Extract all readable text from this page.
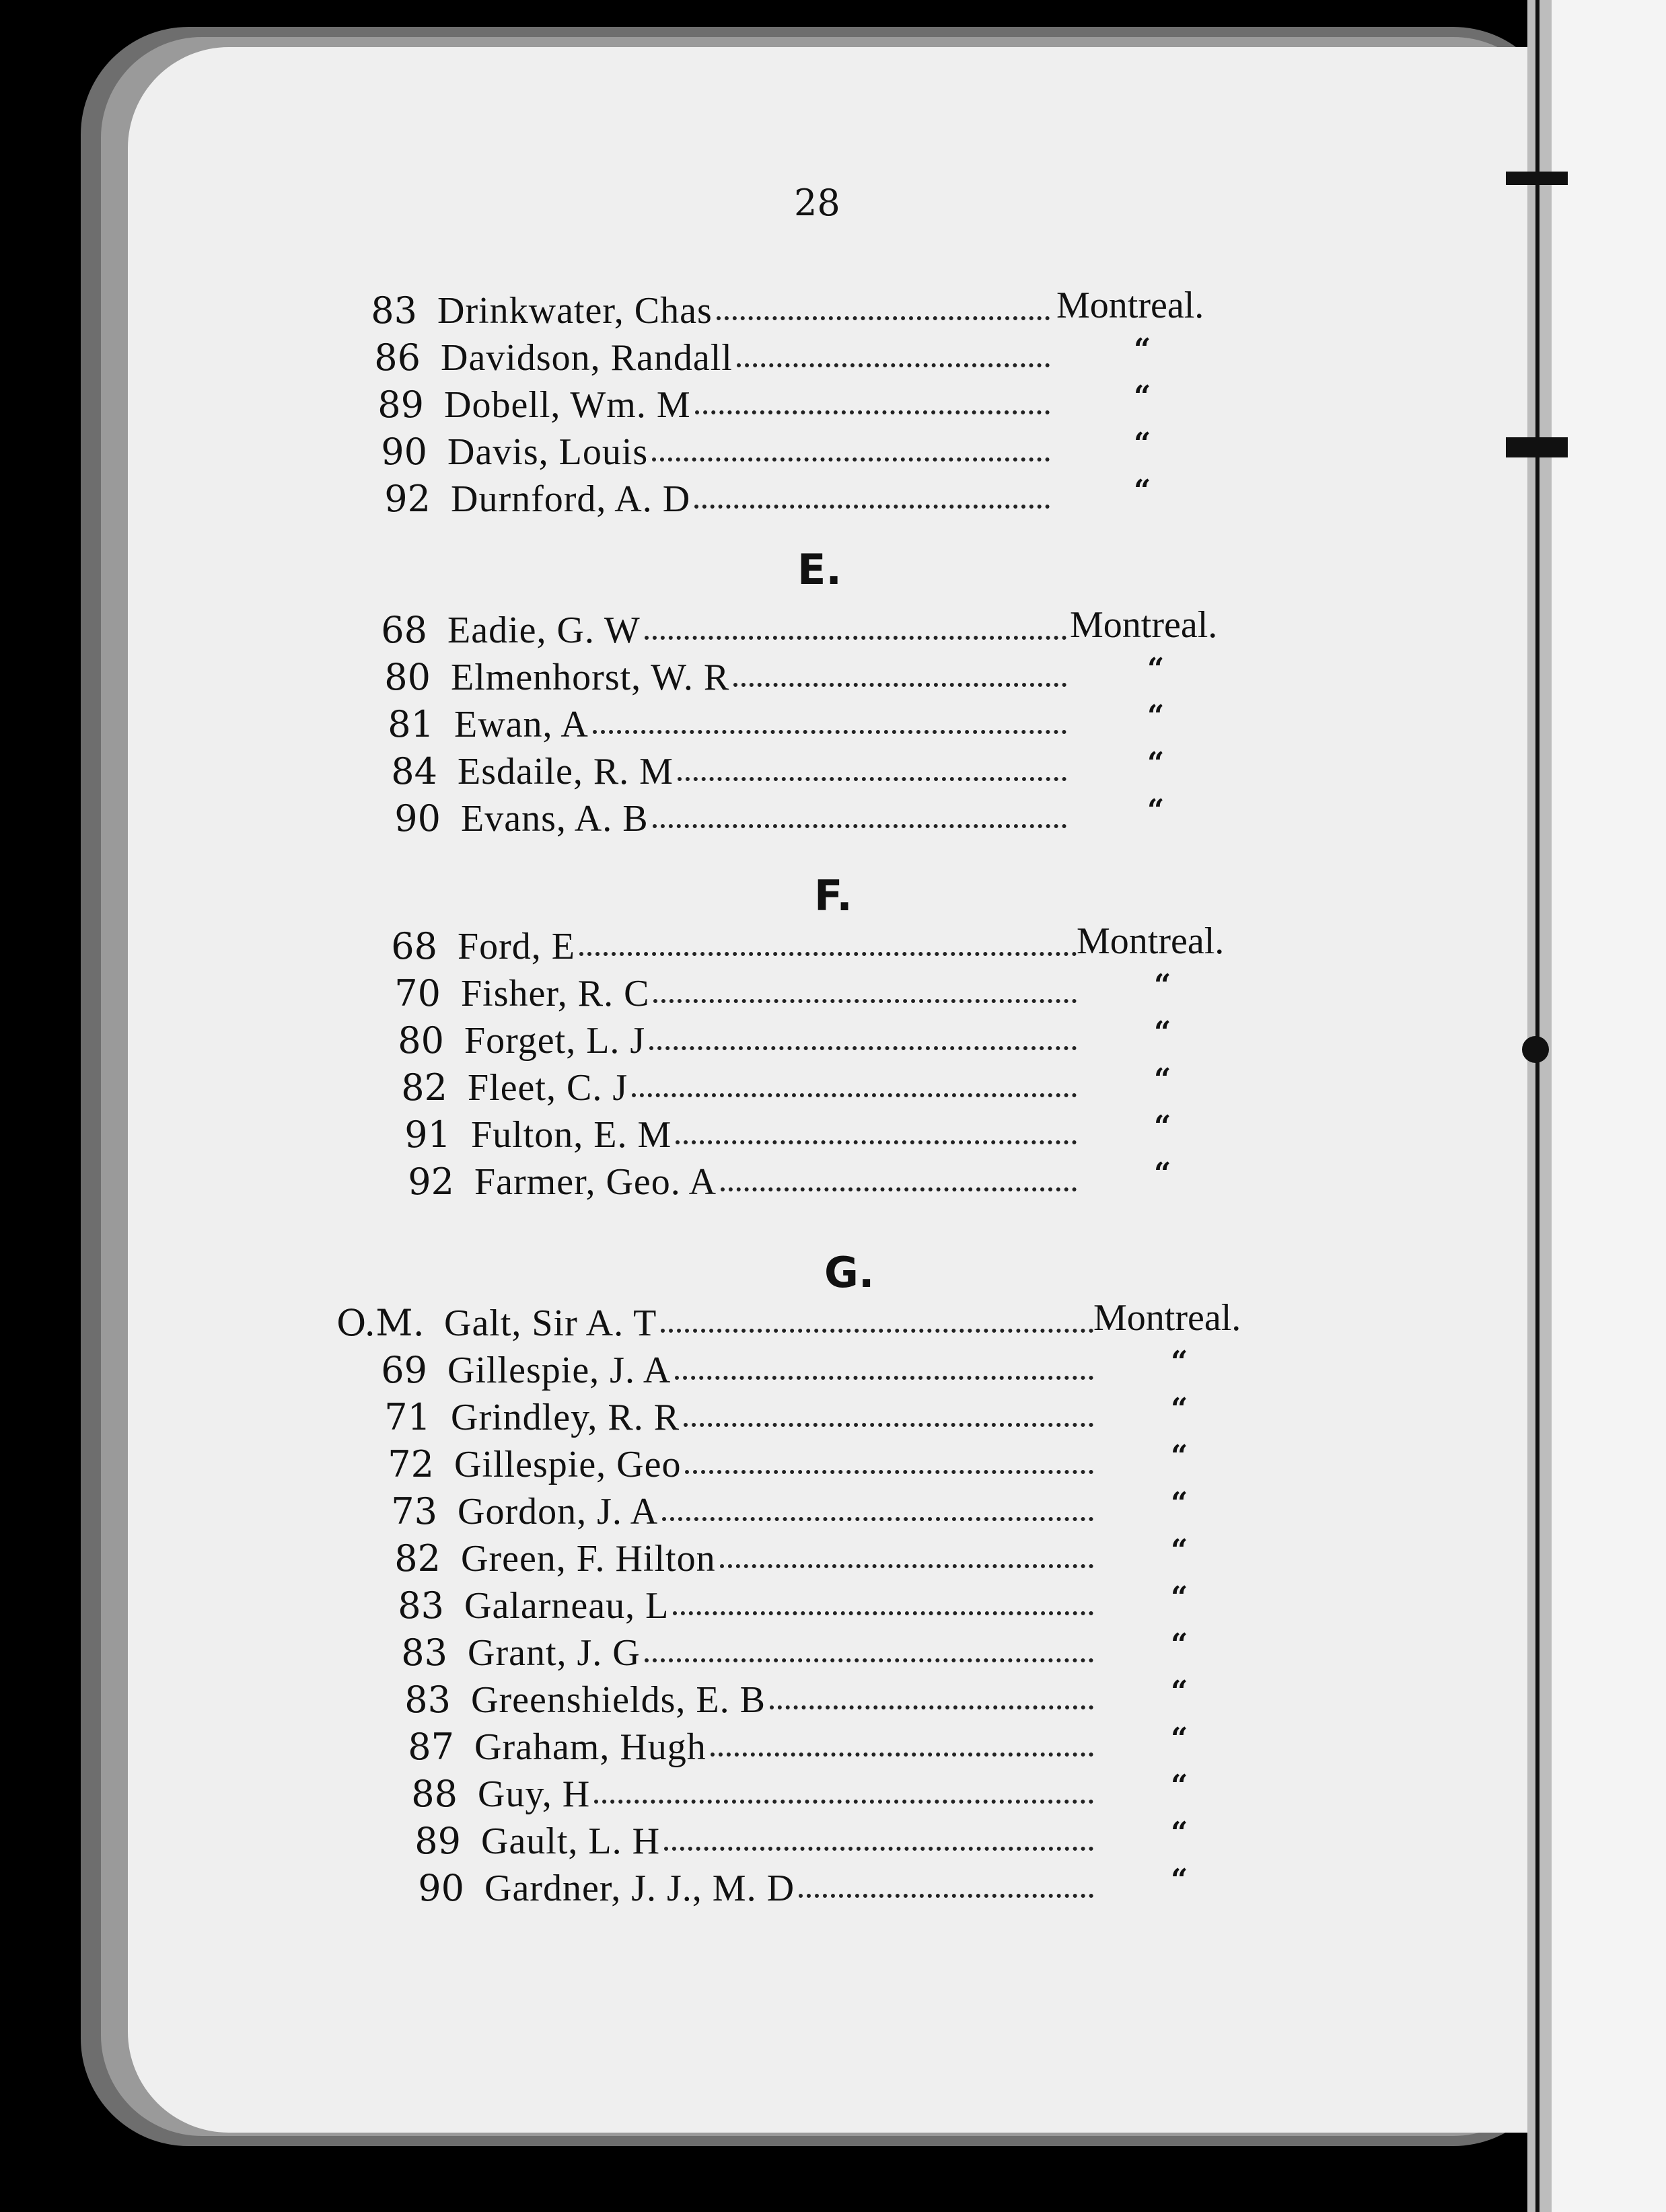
28
83 Drinkwater, Chas	Montreal.
86 Davidson, Randall	“
89 Dobell, Wm. M	“
90 Davis, Louis	“
92 Durnford, A. D	“
E.
68 Eadie, G. W	Montreal.
80 Elmenhorst, W. R	“
81 Ewan, A	“
84 Esdaile, R. M	“
90 Evans, A. B	“
F.
68 Ford, E	Montreal.
70 Fisher, R. C	“
80 Forget, L. J	“
82 Fleet, C. J	“
91 Fulton, E. M	“
92 Farmer, Geo. A	“
G.
O.M. Galt, Sir A. T	Montreal.
69 Gillespie, J. A	“
71 Grindley, R. R	“
72 Gillespie, Geo	“
73 Gordon, J. A	“
82 Green, F. Hilton	“
83 Galarneau, L	“
83 Grant, J. G	“
83 Greenshields, E. B	“
87 Graham, Hugh	“
88 Guy, H	“
89 Gault, L. H	“
90 Gardner, J. J., M. D	“
